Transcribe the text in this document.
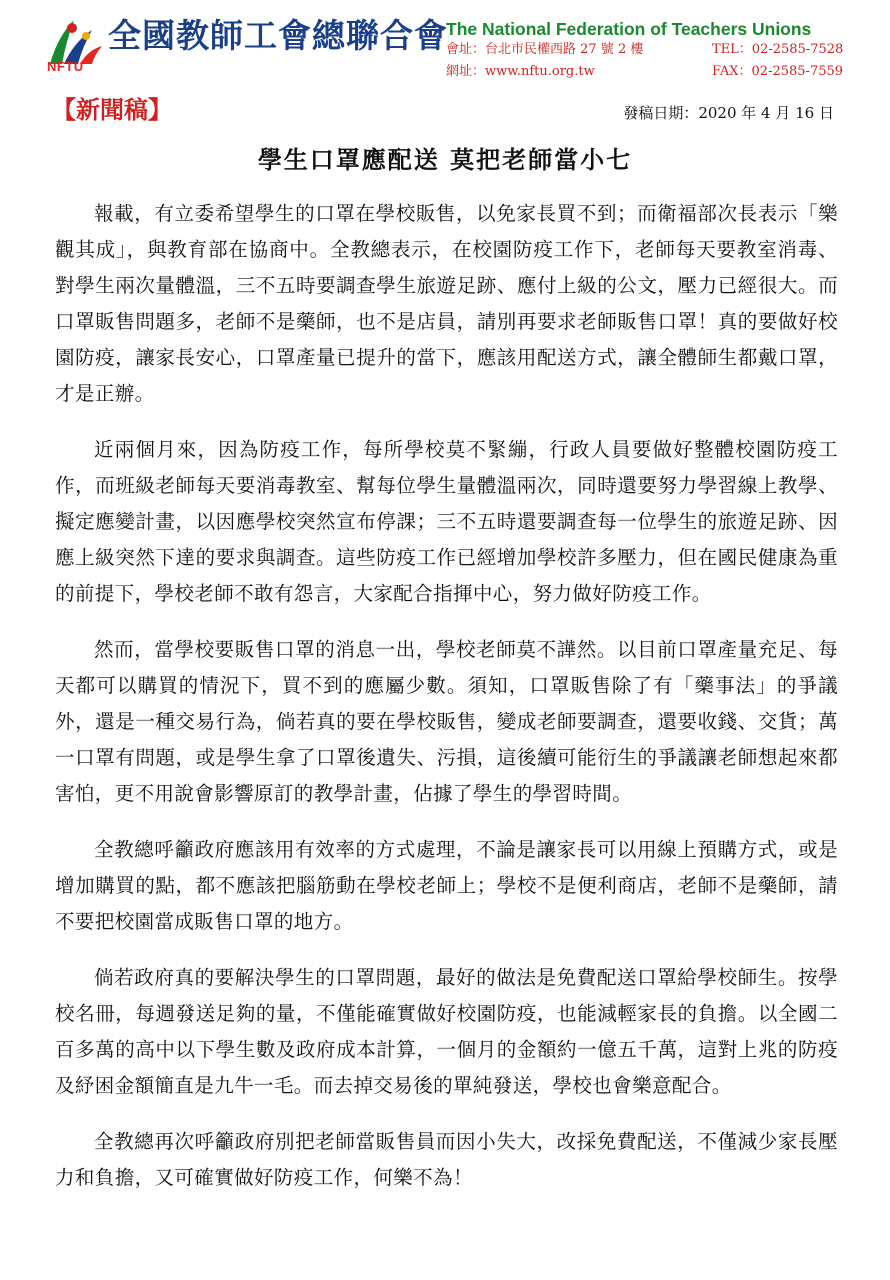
NFTU
全國教師工會總聯合會
The National Federation of Teachers Unions
會址：台北市民權西路 27 號 2 樓	TEL：02-2585-7528
網址：www.nftu.org.tw	FAX：02-2585-7559
【新聞稿】	發稿日期：2020 年 4 月 16 日
學生口罩應配送 莫把老師當小七

報載，有立委希望學生的口罩在學校販售，以免家長買不到；而衛福部次長表示「樂觀其成」，與教育部在協商中。全教總表示，在校園防疫工作下，老師每天要教室消毒、對學生兩次量體溫，三不五時要調查學生旅遊足跡、應付上級的公文，壓力已經很大。而口罩販售問題多，老師不是藥師，也不是店員，請別再要求老師販售口罩！真的要做好校園防疫，讓家長安心，口罩產量已提升的當下，應該用配送方式，讓全體師生都戴口罩，才是正辦。

近兩個月來，因為防疫工作，每所學校莫不緊繃，行政人員要做好整體校園防疫工作，而班級老師每天要消毒教室、幫每位學生量體溫兩次，同時還要努力學習線上教學、擬定應變計畫，以因應學校突然宣布停課；三不五時還要調查每一位學生的旅遊足跡、因應上級突然下達的要求與調查。這些防疫工作已經增加學校許多壓力，但在國民健康為重的前提下，學校老師不敢有怨言，大家配合指揮中心，努力做好防疫工作。

然而，當學校要販售口罩的消息一出，學校老師莫不譁然。以目前口罩產量充足、每天都可以購買的情況下，買不到的應屬少數。須知，口罩販售除了有「藥事法」的爭議外，還是一種交易行為，倘若真的要在學校販售，變成老師要調查，還要收錢、交貨；萬一口罩有問題，或是學生拿了口罩後遺失、污損，這後續可能衍生的爭議讓老師想起來都害怕，更不用說會影響原訂的教學計畫，佔據了學生的學習時間。

全教總呼籲政府應該用有效率的方式處理，不論是讓家長可以用線上預購方式，或是增加購買的點，都不應該把腦筋動在學校老師上；學校不是便利商店，老師不是藥師，請不要把校園當成販售口罩的地方。

倘若政府真的要解決學生的口罩問題，最好的做法是免費配送口罩給學校師生。按學校名冊，每週發送足夠的量，不僅能確實做好校園防疫，也能減輕家長的負擔。以全國二百多萬的高中以下學生數及政府成本計算，一個月的金額約一億五千萬，這對上兆的防疫及紓困金額簡直是九牛一毛。而去掉交易後的單純發送，學校也會樂意配合。

全教總再次呼籲政府別把老師當販售員而因小失大，改採免費配送，不僅減少家長壓力和負擔，又可確實做好防疫工作，何樂不為！
